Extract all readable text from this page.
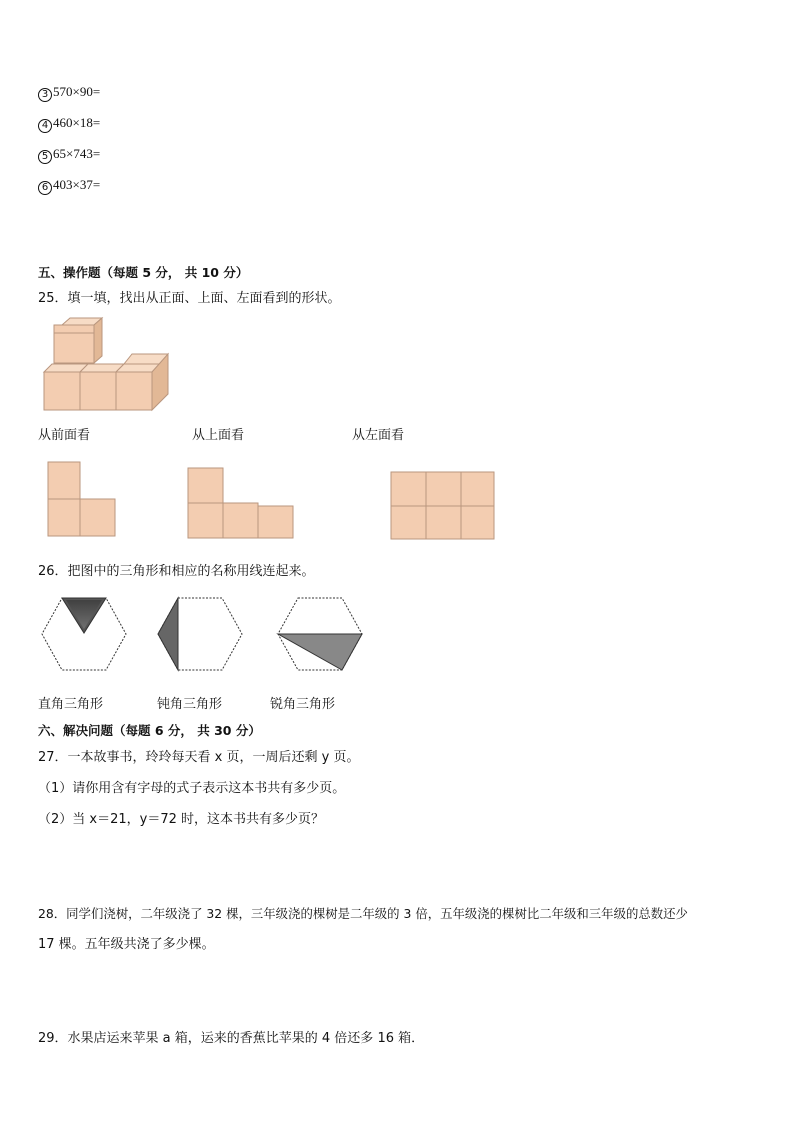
3 570×90=
4 460×18=
5 65×743=
6 403×37=
五、操作题（每题 5 分， 共 10 分）
25．填一填，找出从正面、上面、左面看到的形状。
从前面看	从上面看	从左面看
26．把图中的三角形和相应的名称用线连起来。
直角三角形	钝角三角形	锐角三角形
六、解决问题（每题 6 分， 共 30 分）
27．一本故事书，玲玲每天看 x 页，一周后还剩 y 页。
（1）请你用含有字母的式子表示这本书共有多少页。
（2）当 x＝21，y＝72 时，这本书共有多少页？
28．同学们浇树，二年级浇了 32 棵，三年级浇的棵树是二年级的 3 倍，五年级浇的棵树比二年级和三年级的总数还少
17 棵。五年级共浇了多少棵。
29．水果店运来苹果 a 箱，运来的香蕉比苹果的 4 倍还多 16 箱．
